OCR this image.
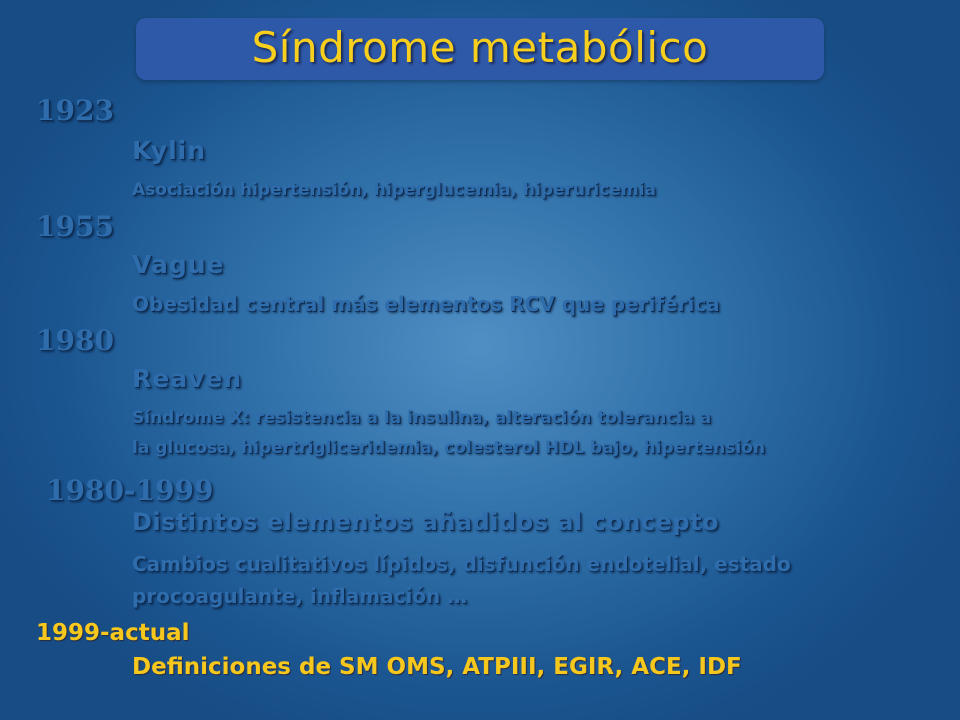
Síndrome metabólico
1923
Kylin
Asociación hipertensión, hiperglucemia, hiperuricemia
1955
Vague
Obesidad central más elementos RCV que periférica
1980
Reaven
Síndrome X: resistencia a la insulina, alteración tolerancia a
la glucosa, hipertrigliceridemia, colesterol HDL bajo, hipertensión
1980-1999
Distintos elementos añadidos al concepto
Cambios cualitativos lípidos, disfunción endotelial, estado
procoagulante, inflamación …
1999-actual
Definiciones de SM OMS, ATPIII, EGIR, ACE, IDF
